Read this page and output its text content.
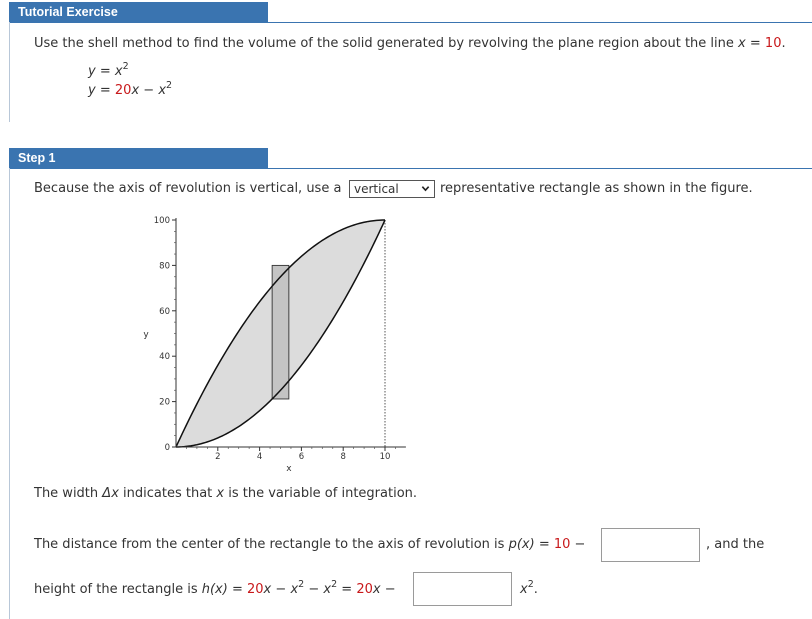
Tutorial Exercise
Use the shell method to find the volume of the solid generated by revolving the plane region about the line x = 10.
$y = x^2$
$y = 20x - x^2$
Step 1
Because the axis of revolution is vertical, use a	vertical	representative rectangle as shown in the figure.
0
20
40
60
80
100
2	4	6	8	10
y
x
The width Δx indicates that x is the variable of integration.
The distance from the center of the rectangle to the axis of revolution is p(x) = 10 −	, and the
height of the rectangle is $h(x) = 20x - x^2 - x^2 = 20x$ −	$x^2$.
